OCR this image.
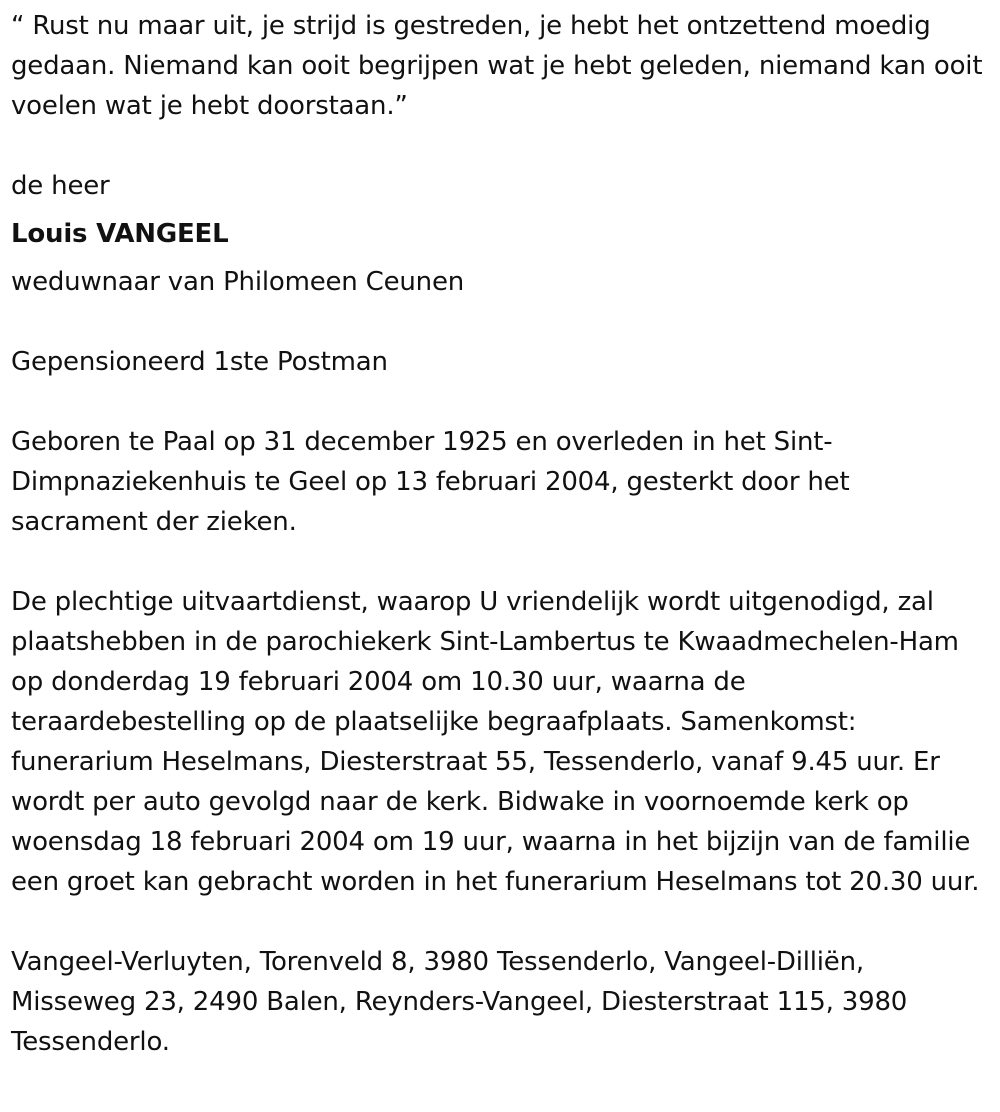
“ Rust nu maar uit, je strijd is gestreden, je hebt het ontzettend moedig gedaan. Niemand kan ooit begrijpen wat je hebt geleden, niemand kan ooit voelen wat je hebt doorstaan.”

de heer

Louis VANGEEL

weduwnaar van Philomeen Ceunen

Gepensioneerd 1ste Postman

Geboren te Paal op 31 december 1925 en overleden in het Sint-Dimpnaziekenhuis te Geel op 13 februari 2004, gesterkt door het sacrament der zieken.

De plechtige uitvaartdienst, waarop U vriendelijk wordt uitgenodigd, zal plaatshebben in de parochiekerk Sint-Lambertus te Kwaadmechelen-Ham op donderdag 19 februari 2004 om 10.30 uur, waarna de teraardebestelling op de plaatselijke begraafplaats. Samenkomst: funerarium Heselmans, Diesterstraat 55, Tessenderlo, vanaf 9.45 uur. Er wordt per auto gevolgd naar de kerk. Bidwake in voornoemde kerk op woensdag 18 februari 2004 om 19 uur, waarna in het bijzijn van de familie een groet kan gebracht worden in het funerarium Heselmans tot 20.30 uur.

Vangeel-Verluyten, Torenveld 8, 3980 Tessenderlo, Vangeel-Dilliën, Misseweg 23, 2490 Balen, Reynders-Vangeel, Diesterstraat 115, 3980 Tessenderlo.
